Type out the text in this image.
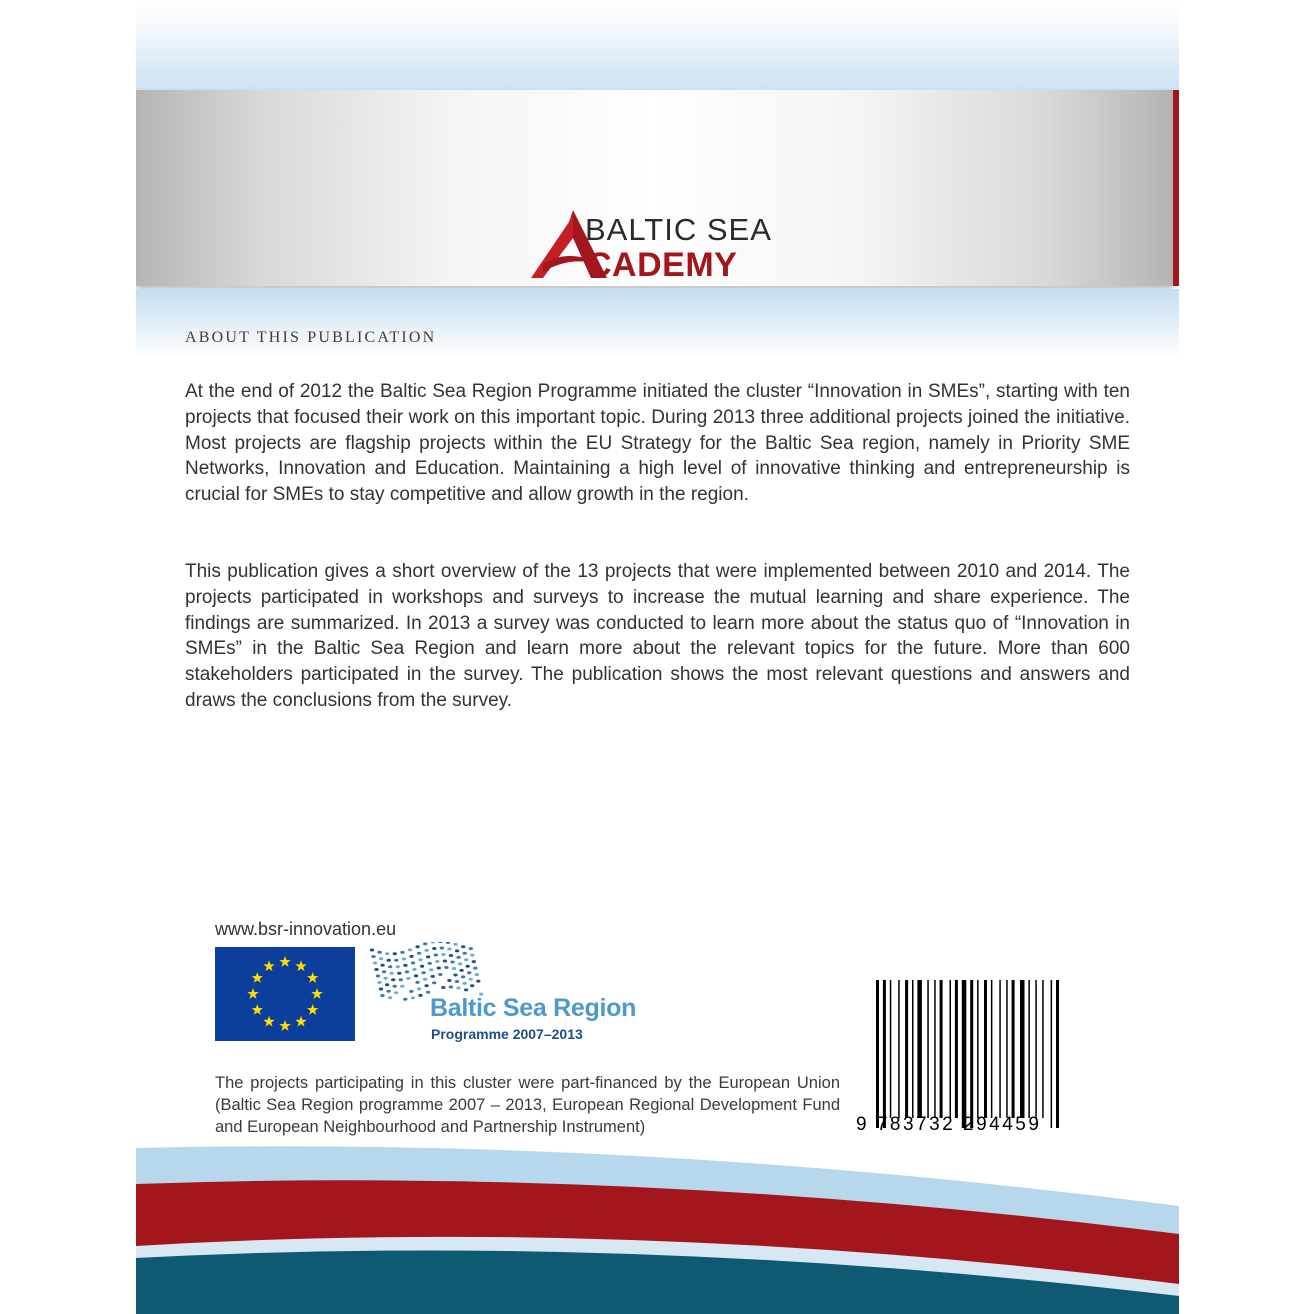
BALTIC SEA
CADEMY
ABOUT THIS PUBLICATION

At the end of 2012 the Baltic Sea Region Programme initiated the cluster “Innovation in SMEs”, starting with ten projects that focused their work on this important topic. During 2013 three additional projects joined the initiative. Most projects are flagship projects within the EU Strategy for the Baltic Sea region, namely in Priority SME Networks, Innovation and Education. Maintaining a high level of innovative thinking and entrepreneurship is crucial for SMEs to stay competitive and allow growth in the region.

This publication gives a short overview of the 13 projects that were implemented between 2010 and 2014. The projects participated in workshops and surveys to increase the mutual learning and share experience. The findings are summarized. In 2013 a survey was conducted to learn more about the status quo of “Innovation in SMEs” in the Baltic Sea Region and learn more about the relevant topics for the future. More than 600 stakeholders participated in the survey. The publication shows the most relevant questions and answers and draws the conclusions from the survey.

www.bsr-innovation.eu
Baltic Sea Region
Programme 2007–2013

The projects participating in this cluster were part-financed by the European Union (Baltic Sea Region programme 2007 – 2013, European Regional Development Fund and European Neighbourhood and Partnership Instrument)	9 783732 294459
